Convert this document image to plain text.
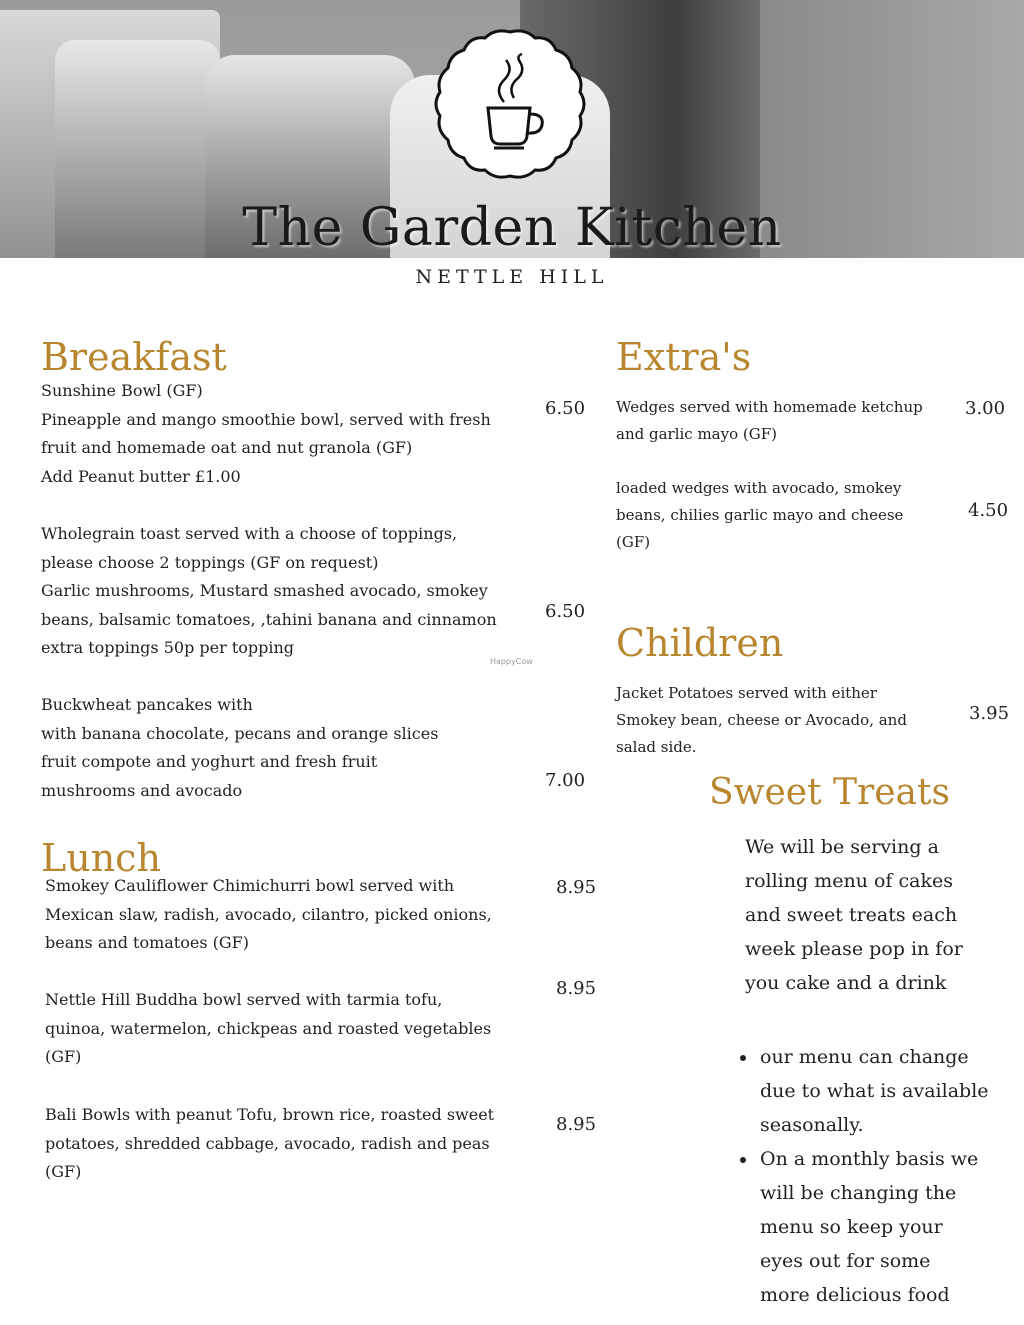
The Garden Kitchen
NETTLE HILL
Breakfast
Sunshine Bowl (GF)
Pineapple and mango smoothie bowl, served with fresh
fruit and homemade oat and nut granola (GF)
Add Peanut butter £1.00
6.50
Wholegrain toast served with a choose of toppings,
please choose 2 toppings (GF on request)
Garlic mushrooms, Mustard smashed avocado, smokey
beans, balsamic tomatoes, ,tahini banana and cinnamon
extra toppings 50p per topping
6.50
HappyCow
Buckwheat pancakes with
with banana chocolate, pecans and orange slices
fruit compote and yoghurt and fresh fruit
mushrooms and avocado	7.00
Lunch
Smokey Cauliflower Chimichurri bowl served with
Mexican slaw, radish, avocado, cilantro, picked onions,
beans and tomatoes (GF)
8.95
Nettle Hill Buddha bowl served with tarmia tofu,
quinoa, watermelon, chickpeas and roasted vegetables
(GF)
8.95
Bali Bowls with peanut Tofu, brown rice, roasted sweet
potatoes, shredded cabbage, avocado, radish and peas
(GF)
8.95
Extra's
Wedges served with homemade ketchup
and garlic mayo (GF)
3.00
loaded wedges with avocado, smokey
beans, chilies garlic mayo and cheese
(GF)
4.50
Children
Jacket Potatoes served with either
Smokey bean, cheese or Avocado, and
salad side.
3.95
Sweet Treats
We will be serving a
rolling menu of cakes
and sweet treats each
week please pop in for
you cake and a drink
• our menu can change
due to what is available
seasonally.
• On a monthly basis we
will be changing the
menu so keep your
eyes out for some
more delicious food
